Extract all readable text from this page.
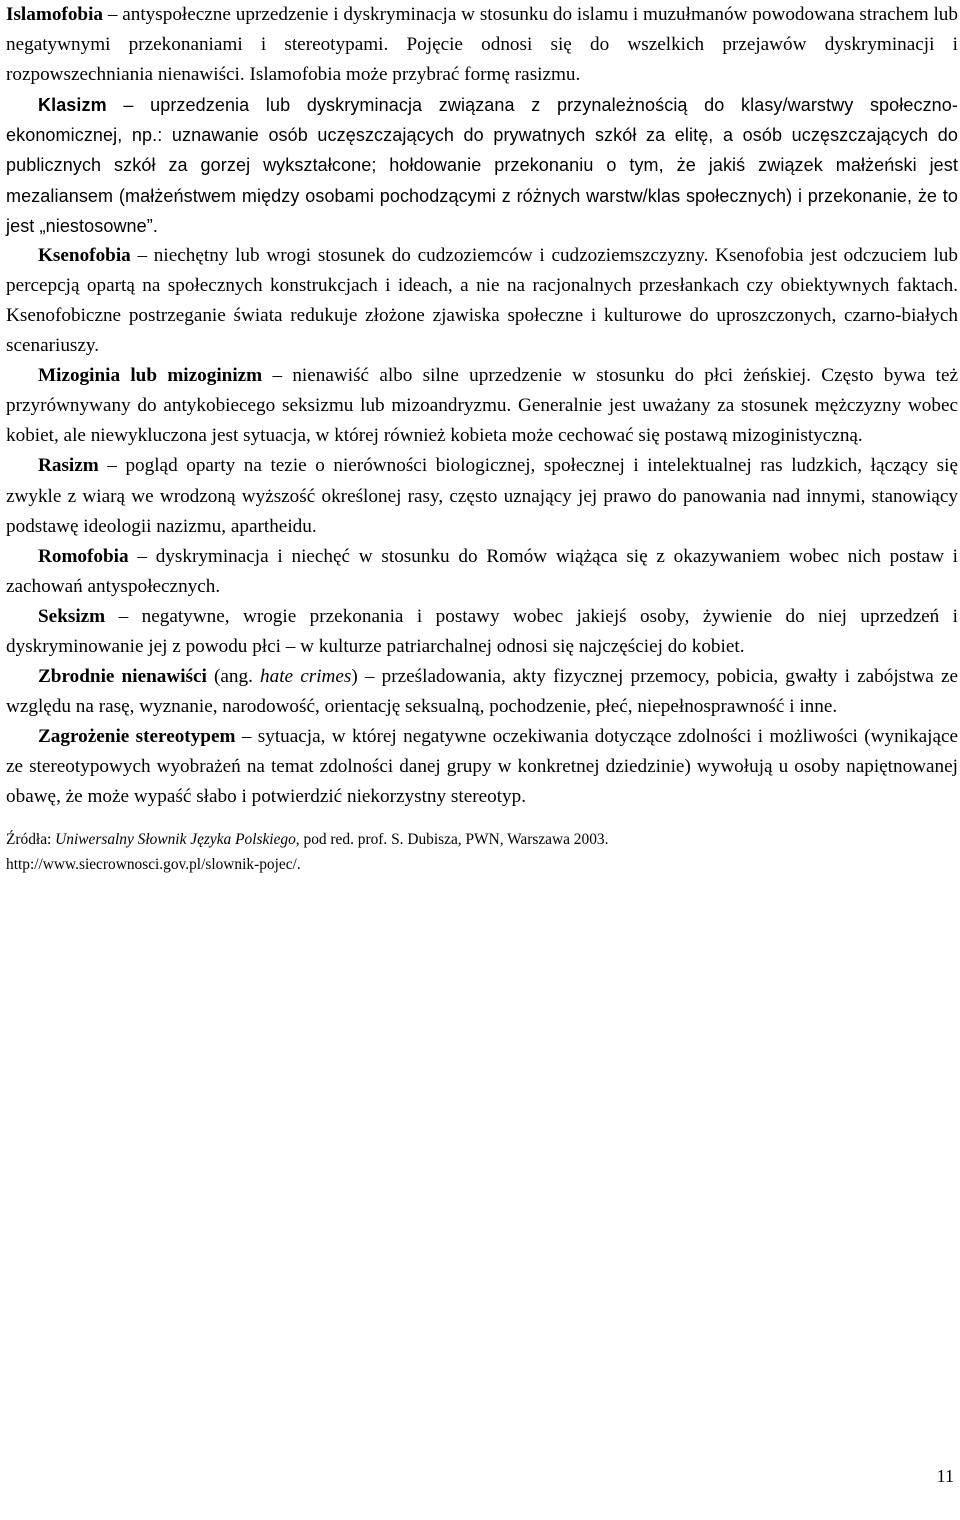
Islamofobia – antyspołeczne uprzedzenie i dyskryminacja w stosunku do islamu i muzułmanów powodowana strachem lub negatywnymi przekonaniami i stereotypami. Pojęcie odnosi się do wszelkich przejawów dyskryminacji i rozpowszechniania nienawiści. Islamofobia może przybrać formę rasizmu.

Klasizm – uprzedzenia lub dyskryminacja związana z przynależnością do klasy/warstwy społeczno-ekonomicznej, np.: uznawanie osób uczęszczających do prywatnych szkół za elitę, a osób uczęszczających do publicznych szkół za gorzej wykształcone; hołdowanie przekonaniu o tym, że jakiś związek małżeński jest mezaliansem (małżeństwem między osobami pochodzącymi z różnych warstw/klas społecznych) i przekonanie, że to jest „niestosowne”.

Ksenofobia – niechętny lub wrogi stosunek do cudzoziemców i cudzoziemszczyzny. Ksenofobia jest odczuciem lub percepcją opartą na społecznych konstrukcjach i ideach, a nie na racjonalnych przesłankach czy obiektywnych faktach. Ksenofobiczne postrzeganie świata redukuje złożone zjawiska społeczne i kulturowe do uproszczonych, czarno-białych scenariuszy.

Mizoginia lub mizoginizm – nienawiść albo silne uprzedzenie w stosunku do płci żeńskiej. Często bywa też przyrównywany do antykobiecego seksizmu lub mizoandryzmu. Generalnie jest uważany za stosunek mężczyzny wobec kobiet, ale niewykluczona jest sytuacja, w której również kobieta może cechować się postawą mizoginistyczną.

Rasizm – pogląd oparty na tezie o nierówności biologicznej, społecznej i intelektualnej ras ludzkich, łączący się zwykle z wiarą we wrodzoną wyższość określonej rasy, często uznający jej prawo do panowania nad innymi, stanowiący podstawę ideologii nazizmu, apartheidu.

Romofobia – dyskryminacja i niechęć w stosunku do Romów wiążąca się z okazywaniem wobec nich postaw i zachowań antyspołecznych.

Seksizm – negatywne, wrogie przekonania i postawy wobec jakiejś osoby, żywienie do niej uprzedzeń i dyskryminowanie jej z powodu płci – w kulturze patriarchalnej odnosi się najczęściej do kobiet.

Zbrodnie nienawiści (ang. hate crimes) – prześladowania, akty fizycznej przemocy, pobicia, gwałty i zabójstwa ze względu na rasę, wyznanie, narodowość, orientację seksualną, pochodzenie, płeć, niepełnosprawność i inne.

Zagrożenie stereotypem – sytuacja, w której negatywne oczekiwania dotyczące zdolności i możliwości (wynikające ze stereotypowych wyobrażeń na temat zdolności danej grupy w konkretnej dziedzinie) wywołują u osoby napiętnowanej obawę, że może wypaść słabo i potwierdzić niekorzystny stereotyp.

Źródła: Uniwersalny Słownik Języka Polskiego, pod red. prof. S. Dubisza, PWN, Warszawa 2003.

http://www.siecrownosci.gov.pl/slownik-pojec/.

11
